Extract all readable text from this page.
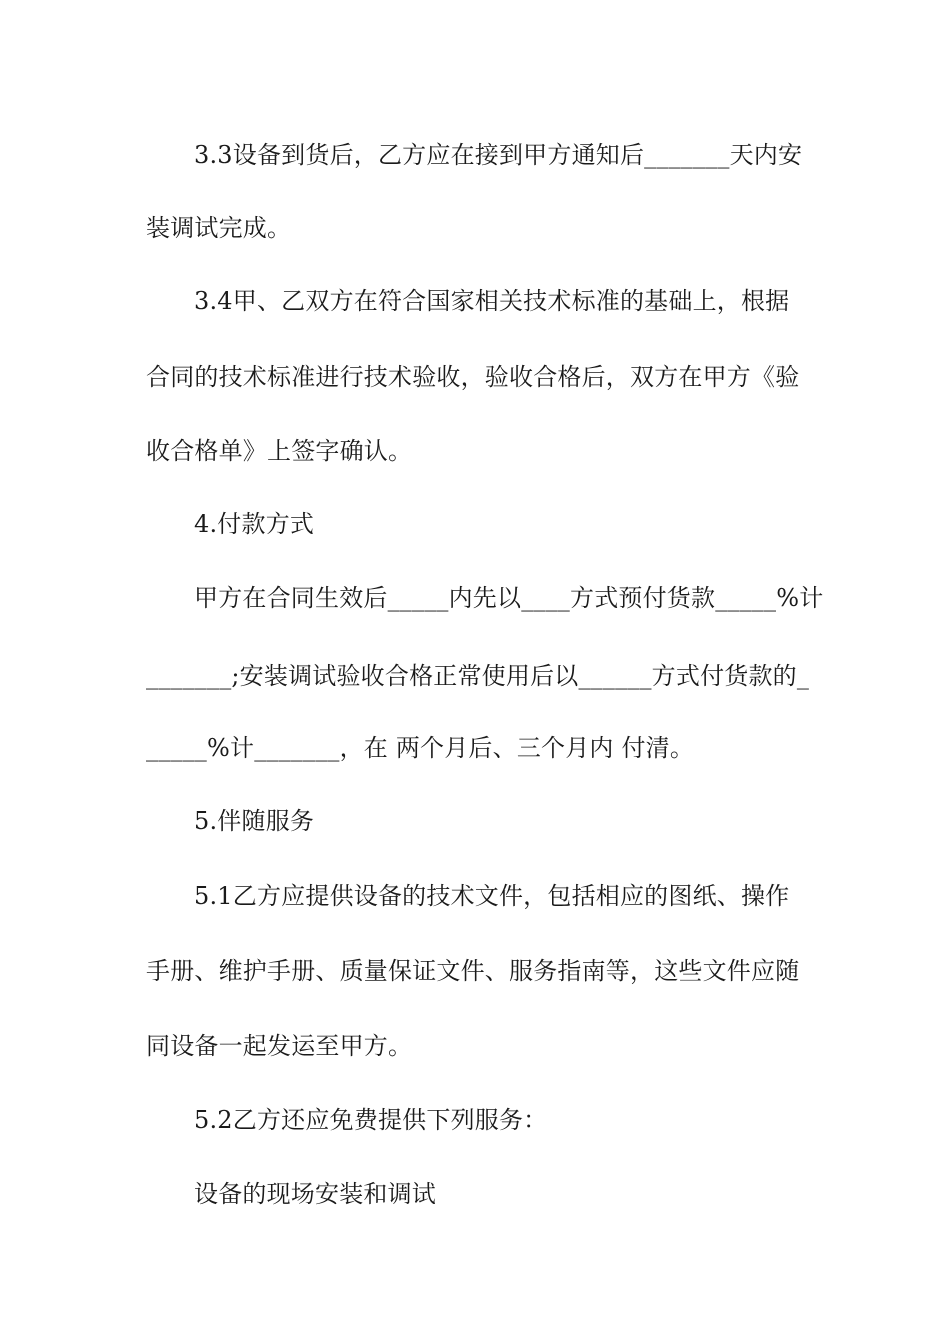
3.3设备到货后，乙方应在接到甲方通知后_______天内安
装调试完成。
3.4甲、乙双方在符合国家相关技术标准的基础上，根据
合同的技术标准进行技术验收，验收合格后，双方在甲方《验
收合格单》上签字确认。
4.付款方式
甲方在合同生效后_____内先以____方式预付货款_____%计
_______;安装调试验收合格正常使用后以______方式付货款的_
_____%计_______，在 两个月后、三个月内 付清。
5.伴随服务
5.1乙方应提供设备的技术文件，包括相应的图纸、操作
手册、维护手册、质量保证文件、服务指南等，这些文件应随
同设备一起发运至甲方。
5.2乙方还应免费提供下列服务：
设备的现场安装和调试
